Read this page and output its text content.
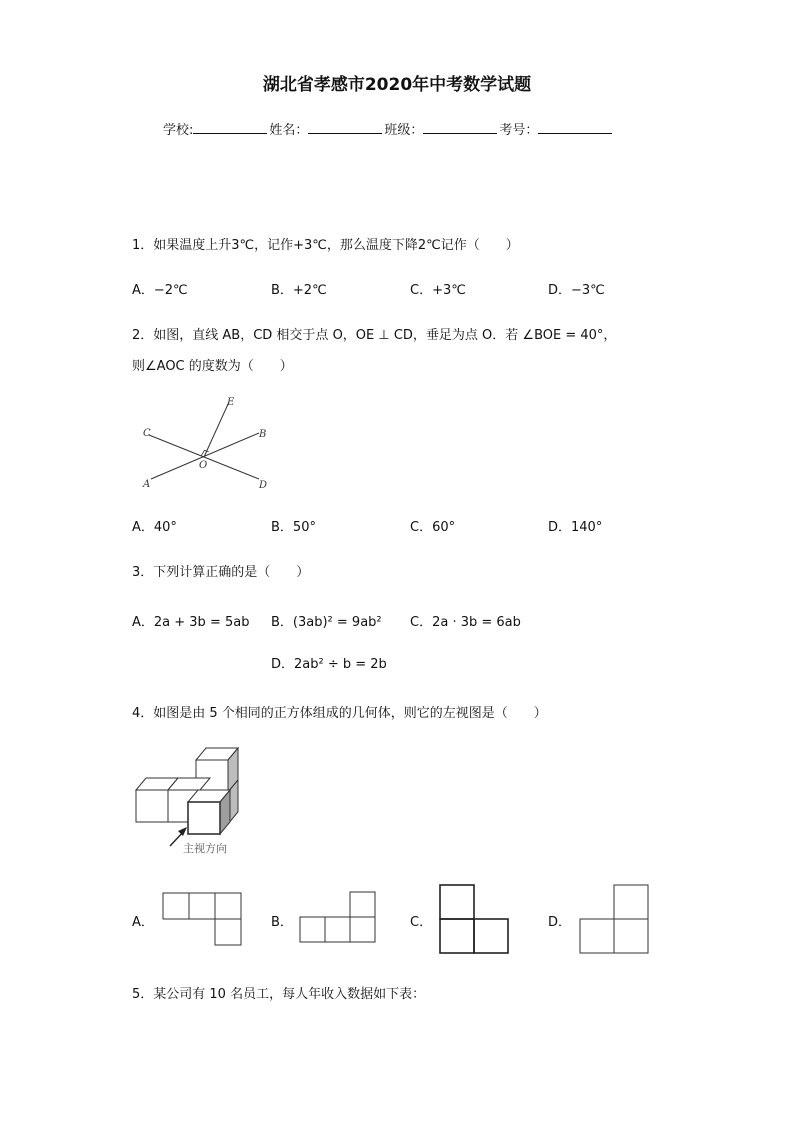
湖北省孝感市2020年中考数学试题
学校:	姓名：	班级：	考号：
1．如果温度上升3℃，记作+3℃，那么温度下降2℃记作（　　）
A．−2℃	B．+2℃	C．+3℃	D．−3℃
2．如图，直线 AB，CD 相交于点 O，OE ⊥ CD，垂足为点 O．若 ∠BOE = 40°，
则∠AOC 的度数为（　　）
E
C	B
O
A	D
A．40°	B．50°	C．60°	D．140°
3．下列计算正确的是（　　）
A．2a + 3b = 5ab B．(3ab)² = 9ab² C．2a · 3b = 6ab
D．2ab² ÷ b = 2b
4．如图是由 5 个相同的正方体组成的几何体，则它的左视图是（　　）
主视方向
A．	B．	C．	D．
5．某公司有 10 名员工，每人年收入数据如下表：
